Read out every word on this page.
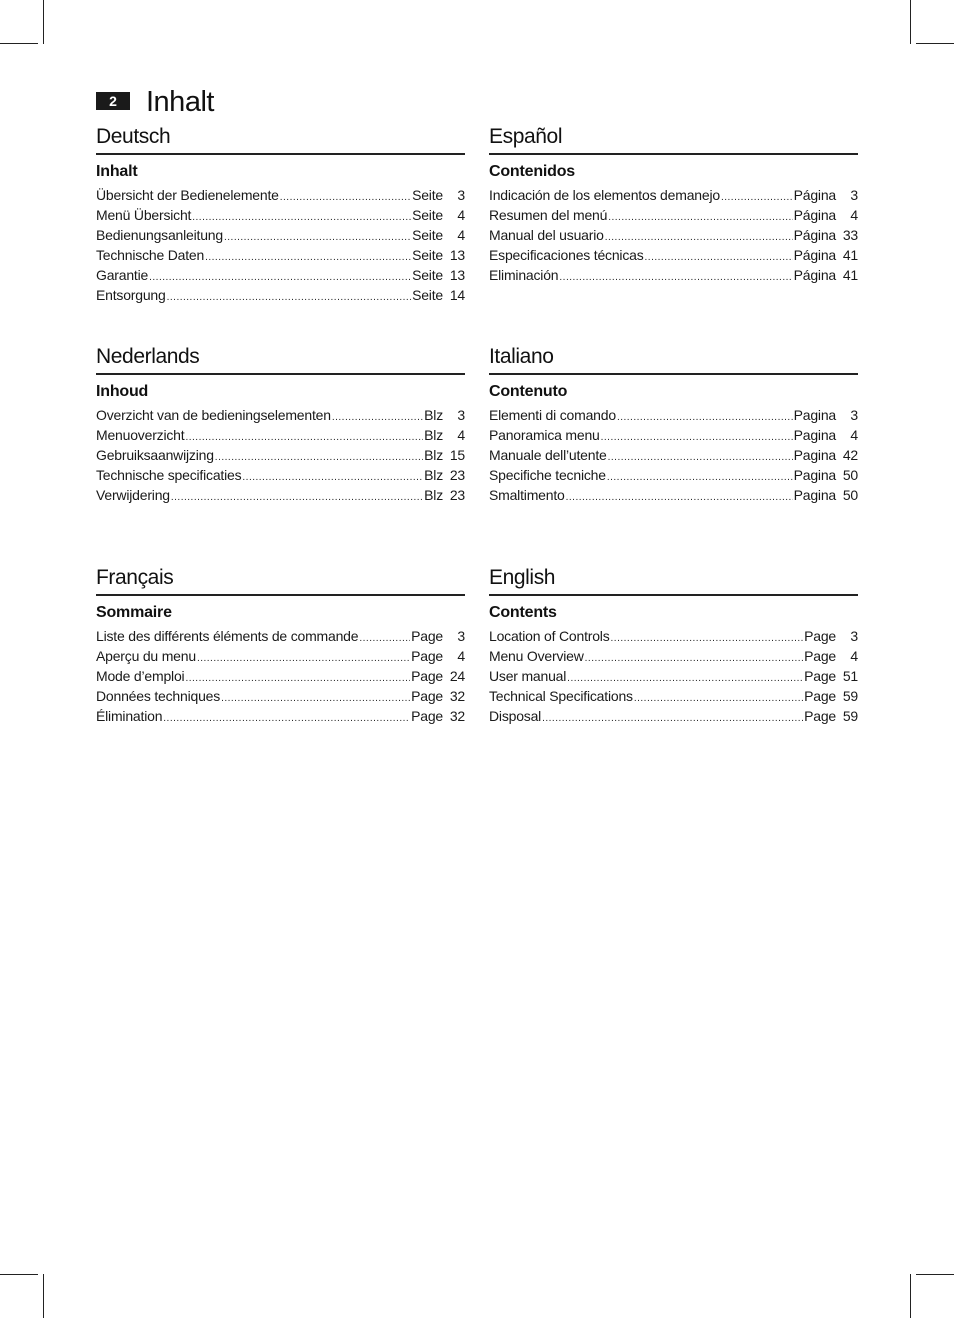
2	Inhalt
Deutsch
Inhalt
Übersicht der Bedienelemente .....	Seite	3
Menü Übersicht .....	Seite	4
Bedienungsanleitung .....	Seite	4
Technische Daten .....	Seite 13
Garantie .....	Seite 13
Entsorgung .....	Seite 14
Español
Contenidos
Indicación de los elementos demanejo .....	Página	3
Resumen del menú .....	Página	4
Manual del usuario .....	Página 33
Especificaciones técnicas .....	Página 41
Eliminación .....	Página 41
Nederlands
Inhoud
Overzicht van de bedieningselementen .....	Blz	3
Menuoverzicht .....	Blz	4
Gebruiksaanwijzing .....	Blz 15
Technische specificaties .....	Blz 23
Verwijdering .....	Blz 23
Italiano
Contenuto
Elementi di comando .....	Pagina	3
Panoramica menu .....	Pagina	4
Manuale dell’utente .....	Pagina 42
Specifiche tecniche .....	Pagina 50
Smaltimento .....	Pagina 50
Français
Sommaire
Liste des différents éléments de commande .....	Page	3
Aperçu du menu .....	Page	4
Mode d’emploi .....	Page 24
Données techniques .....	Page 32
Élimination .....	Page 32
English
Contents
Location of Controls .....	Page	3
Menu Overview .....	Page	4
User manual .....	Page 51
Technical Specifications .....	Page 59
Disposal .....	Page 59
